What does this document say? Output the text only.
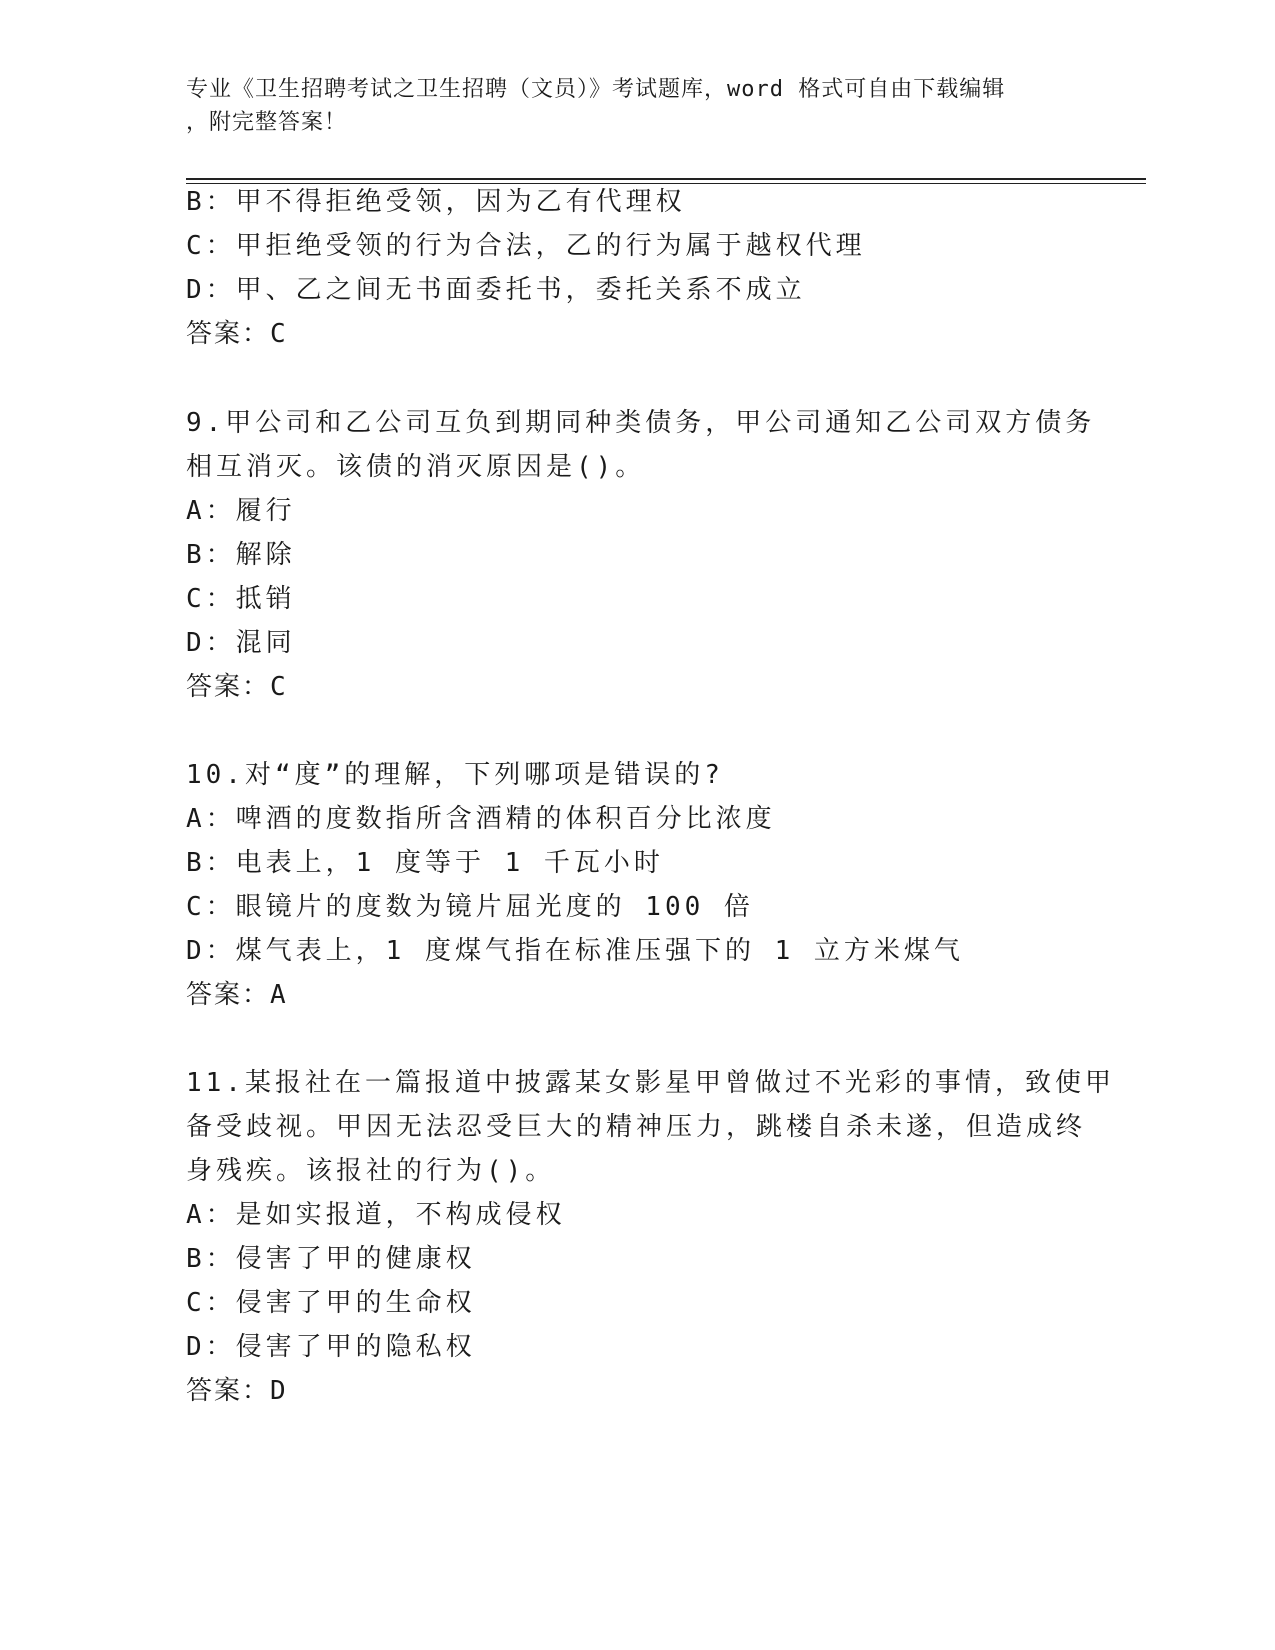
专业《卫生招聘考试之卫生招聘（文员）》考试题库，word 格式可自由下载编辑
，附完整答案！
B：甲不得拒绝受领，因为乙有代理权
C：甲拒绝受领的行为合法，乙的行为属于越权代理
D：甲、乙之间无书面委托书，委托关系不成立
答案：C
9.甲公司和乙公司互负到期同种类债务，甲公司通知乙公司双方债务
相互消灭。该债的消灭原因是()。
A：履行
B：解除
C：抵销
D：混同
答案：C
10.对“度”的理解，下列哪项是错误的?
A：啤酒的度数指所含酒精的体积百分比浓度
B：电表上，1 度等于 1 千瓦小时
C：眼镜片的度数为镜片屈光度的 100 倍
D：煤气表上，1 度煤气指在标准压强下的 1 立方米煤气
答案：A
11.某报社在一篇报道中披露某女影星甲曾做过不光彩的事情，致使甲
备受歧视。甲因无法忍受巨大的精神压力，跳楼自杀未遂，但造成终
身残疾。该报社的行为()。
A：是如实报道，不构成侵权
B：侵害了甲的健康权
C：侵害了甲的生命权
D：侵害了甲的隐私权
答案：D
